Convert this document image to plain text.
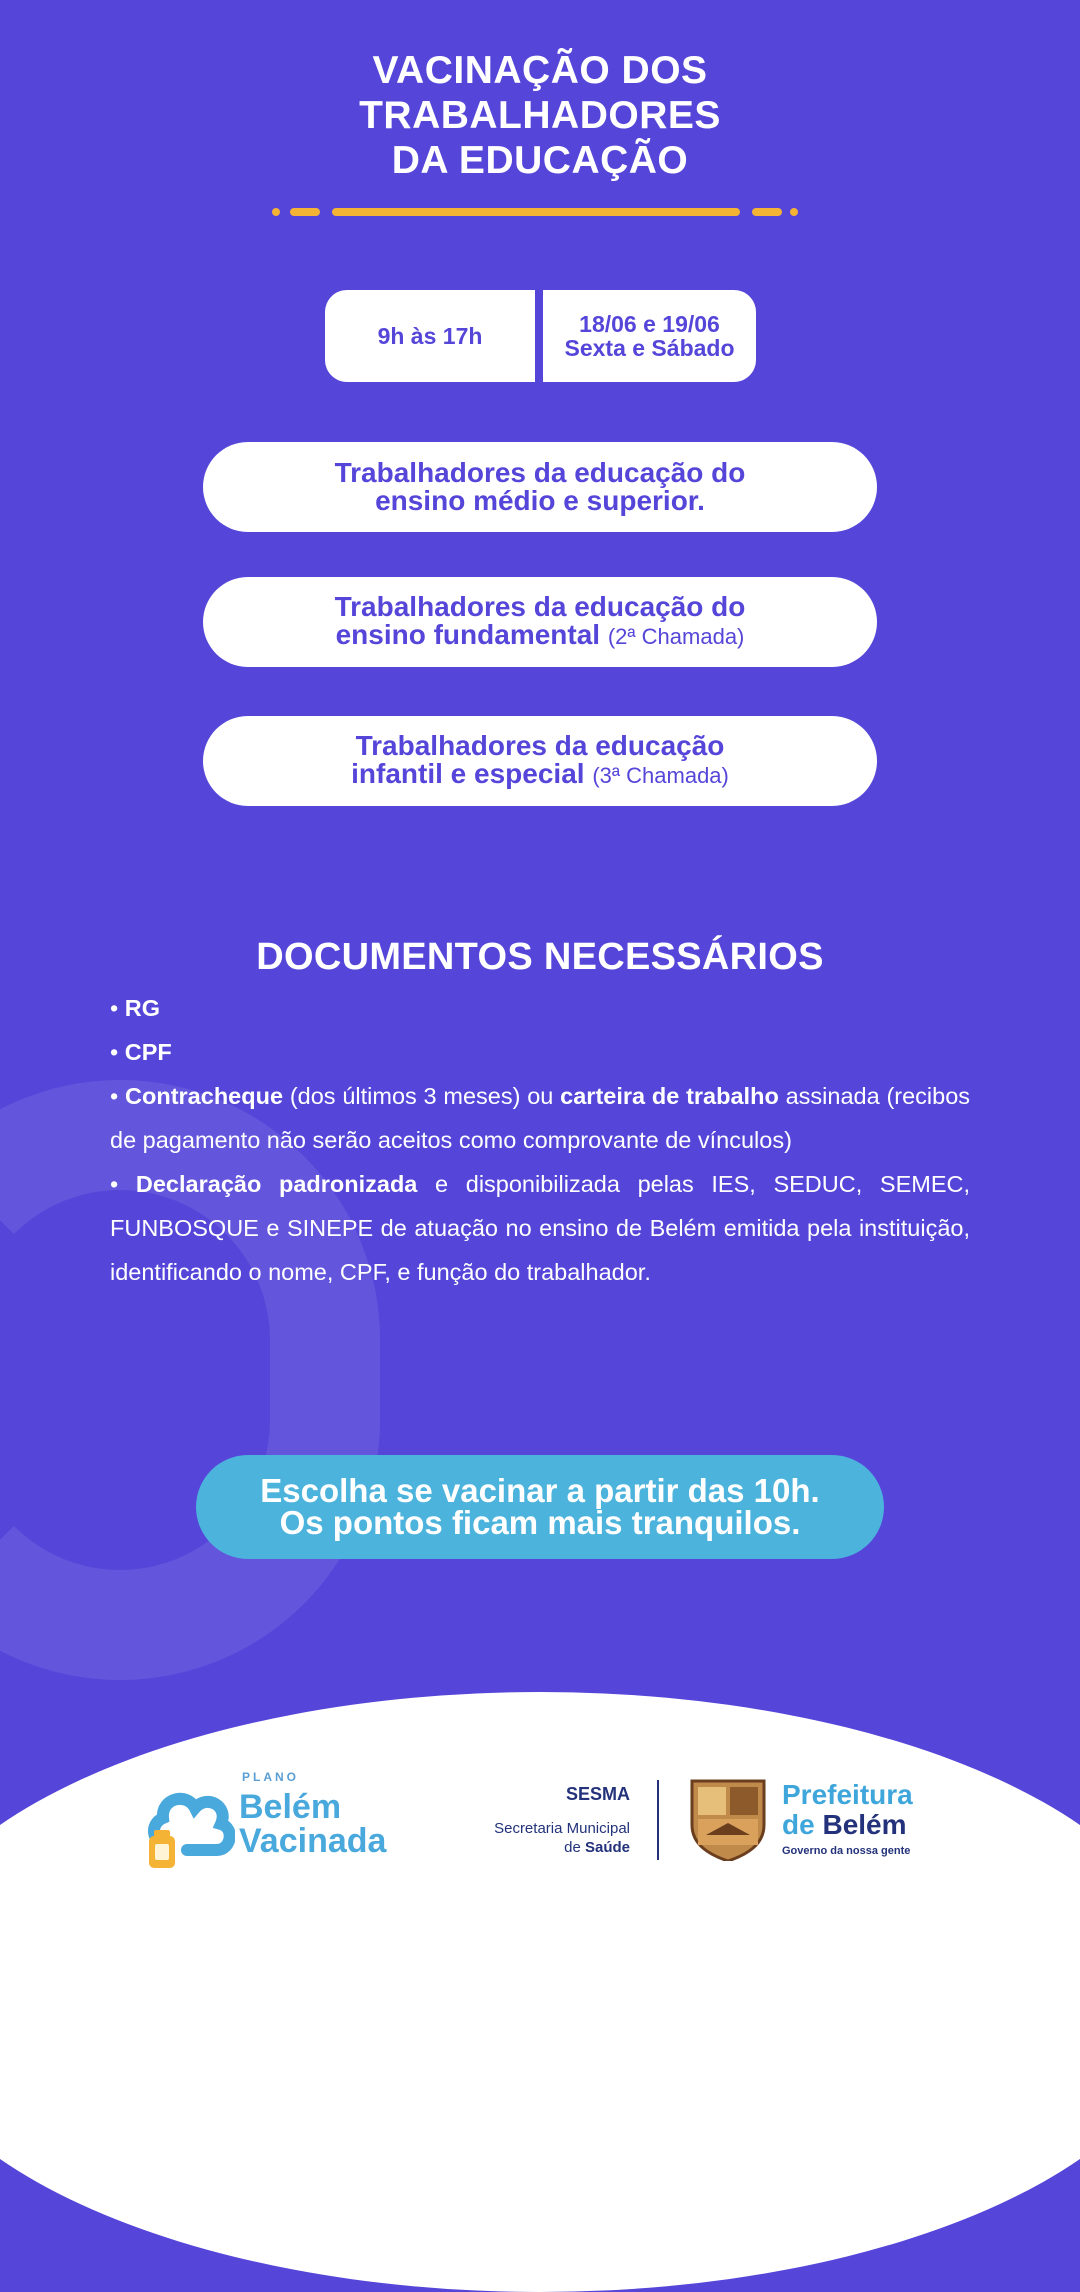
VACINAÇÃO DOS
TRABALHADORES
DA EDUCAÇÃO
9h às 17h	18/06 e 19/06
Sexta e Sábado
Trabalhadores da educação do
ensino médio e superior.
Trabalhadores da educação do
ensino fundamental (2ª Chamada)
Trabalhadores da educação
infantil e especial (3ª Chamada)
DOCUMENTOS NECESSÁRIOS

• RG

• CPF

• Contracheque (dos últimos 3 meses) ou carteira de trabalho assinada (recibos de pagamento não serão aceitos como comprovante de vínculos)

• Declaração padronizada e disponibilizada pelas IES, SEDUC, SEMEC, FUNBOSQUE e SINEPE de atuação no ensino de Belém emitida pela instituição, identificando o nome, CPF, e função do trabalhador.

Escolha se vacinar a partir das 10h.
Os pontos ficam mais tranquilos.
PLANO
Belém
Vacinada
SESMA
Secretaria Municipal
de Saúde
Prefeitura
de Belém
Governo da nossa gente
